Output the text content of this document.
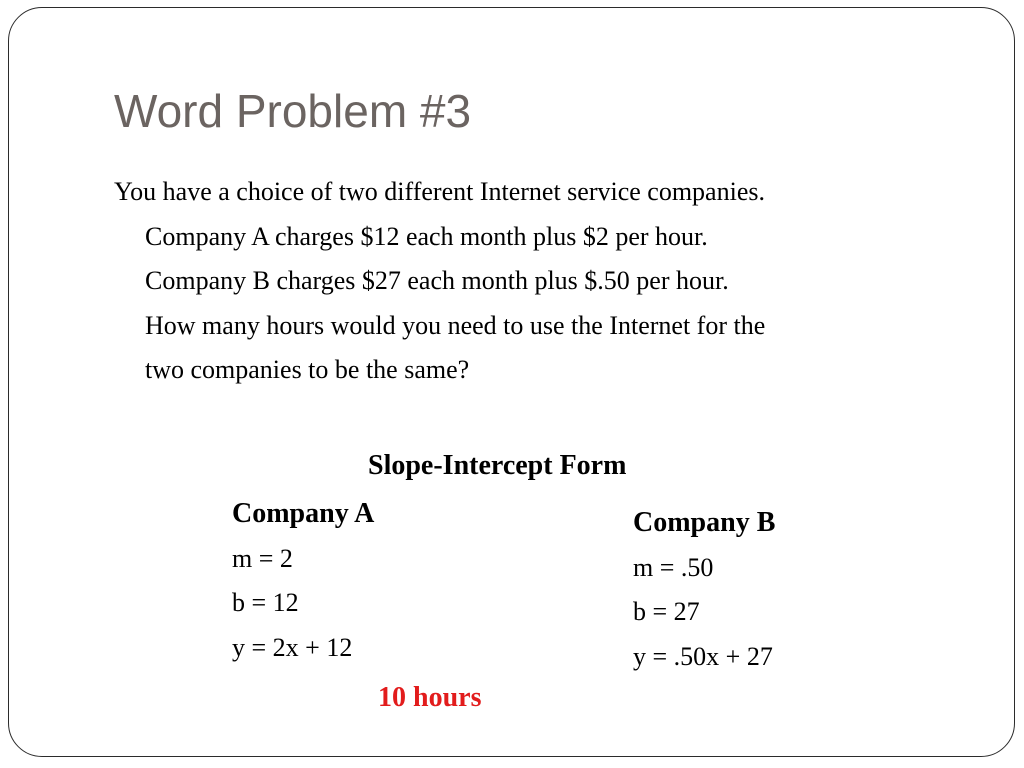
Word Problem #3
You have a choice of two different Internet service companies.
Company A charges $12 each month plus $2 per hour.
Company B charges $27 each month plus $.50 per hour.
How many hours would you need to use the Internet for the
two companies to be the same?
Slope-Intercept Form
Company A
m = 2
b = 12
y = 2x + 12
Company B
m = .50
b = 27
y = .50x + 27
10 hours
